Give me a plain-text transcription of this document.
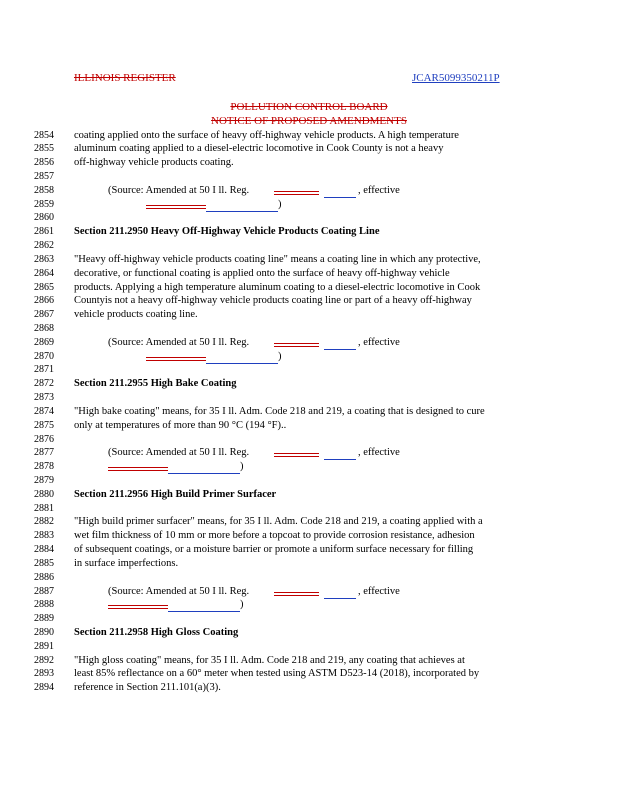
ILLINOIS REGISTER	JCAR5099350211P
POLLUTION CONTROL BOARD
NOTICE OF PROPOSED AMENDMENTS
2854	coating applied onto the surface of heavy off-highway vehicle products. A high temperature
2855	aluminum coating applied to a diesel-electric locomotive in Cook County is not a heavy
2856	off-highway vehicle products coating.
2857
2858	(Source: Amended at 50 I ll. Reg.
2859
2860
2861	Section 211.2950 Heavy Off-Highway Vehicle Products Coating Line
2862
2863	"Heavy off-highway vehicle products coating line" means a coating line in which any protective,
2864	decorative, or functional coating is applied onto the surface of heavy off-highway vehicle
2865	products. Applying a high temperature aluminum coating to a diesel-electric locomotive in Cook
2866	Countyis not a heavy off-highway vehicle products coating line or part of a heavy off-highway
2867	vehicle products coating line.
2868
2869	(Source: Amended at 50 I ll. Reg.
2870
2871
2872	Section 211.2955 High Bake Coating
2873
2874	"High bake coating" means, for 35 I ll. Adm. Code 218 and 219, a coating that is designed to cure
2875	only at temperatures of more than 90 °C (194 °F)..
2876
2877	(Source: Amended at 50 I ll. Reg.
2878
2879
2880	Section 211.2956 High Build Primer Surfacer
2881
2882	"High build primer surfacer" means, for 35 I ll. Adm. Code 218 and 219, a coating applied with a
2883	wet film thickness of 10 mm or more before a topcoat to provide corrosion resistance, adhesion
2884	of subsequent coatings, or a moisture barrier or promote a uniform surface necessary for filling
2885	in surface imperfections.
2886
2887	(Source: Amended at 50 I ll. Reg.
2888
2889
2890	Section 211.2958 High Gloss Coating
2891
2892	"High gloss coating" means, for 35 I ll. Adm. Code 218 and 219, any coating that achieves at
2893	least 85% reflectance on a 60° meter when tested using ASTM D523-14 (2018), incorporated by
2894	reference in Section 211.101(a)(3).
, effective
)
, effective
)
, effective
)
, effective
)
